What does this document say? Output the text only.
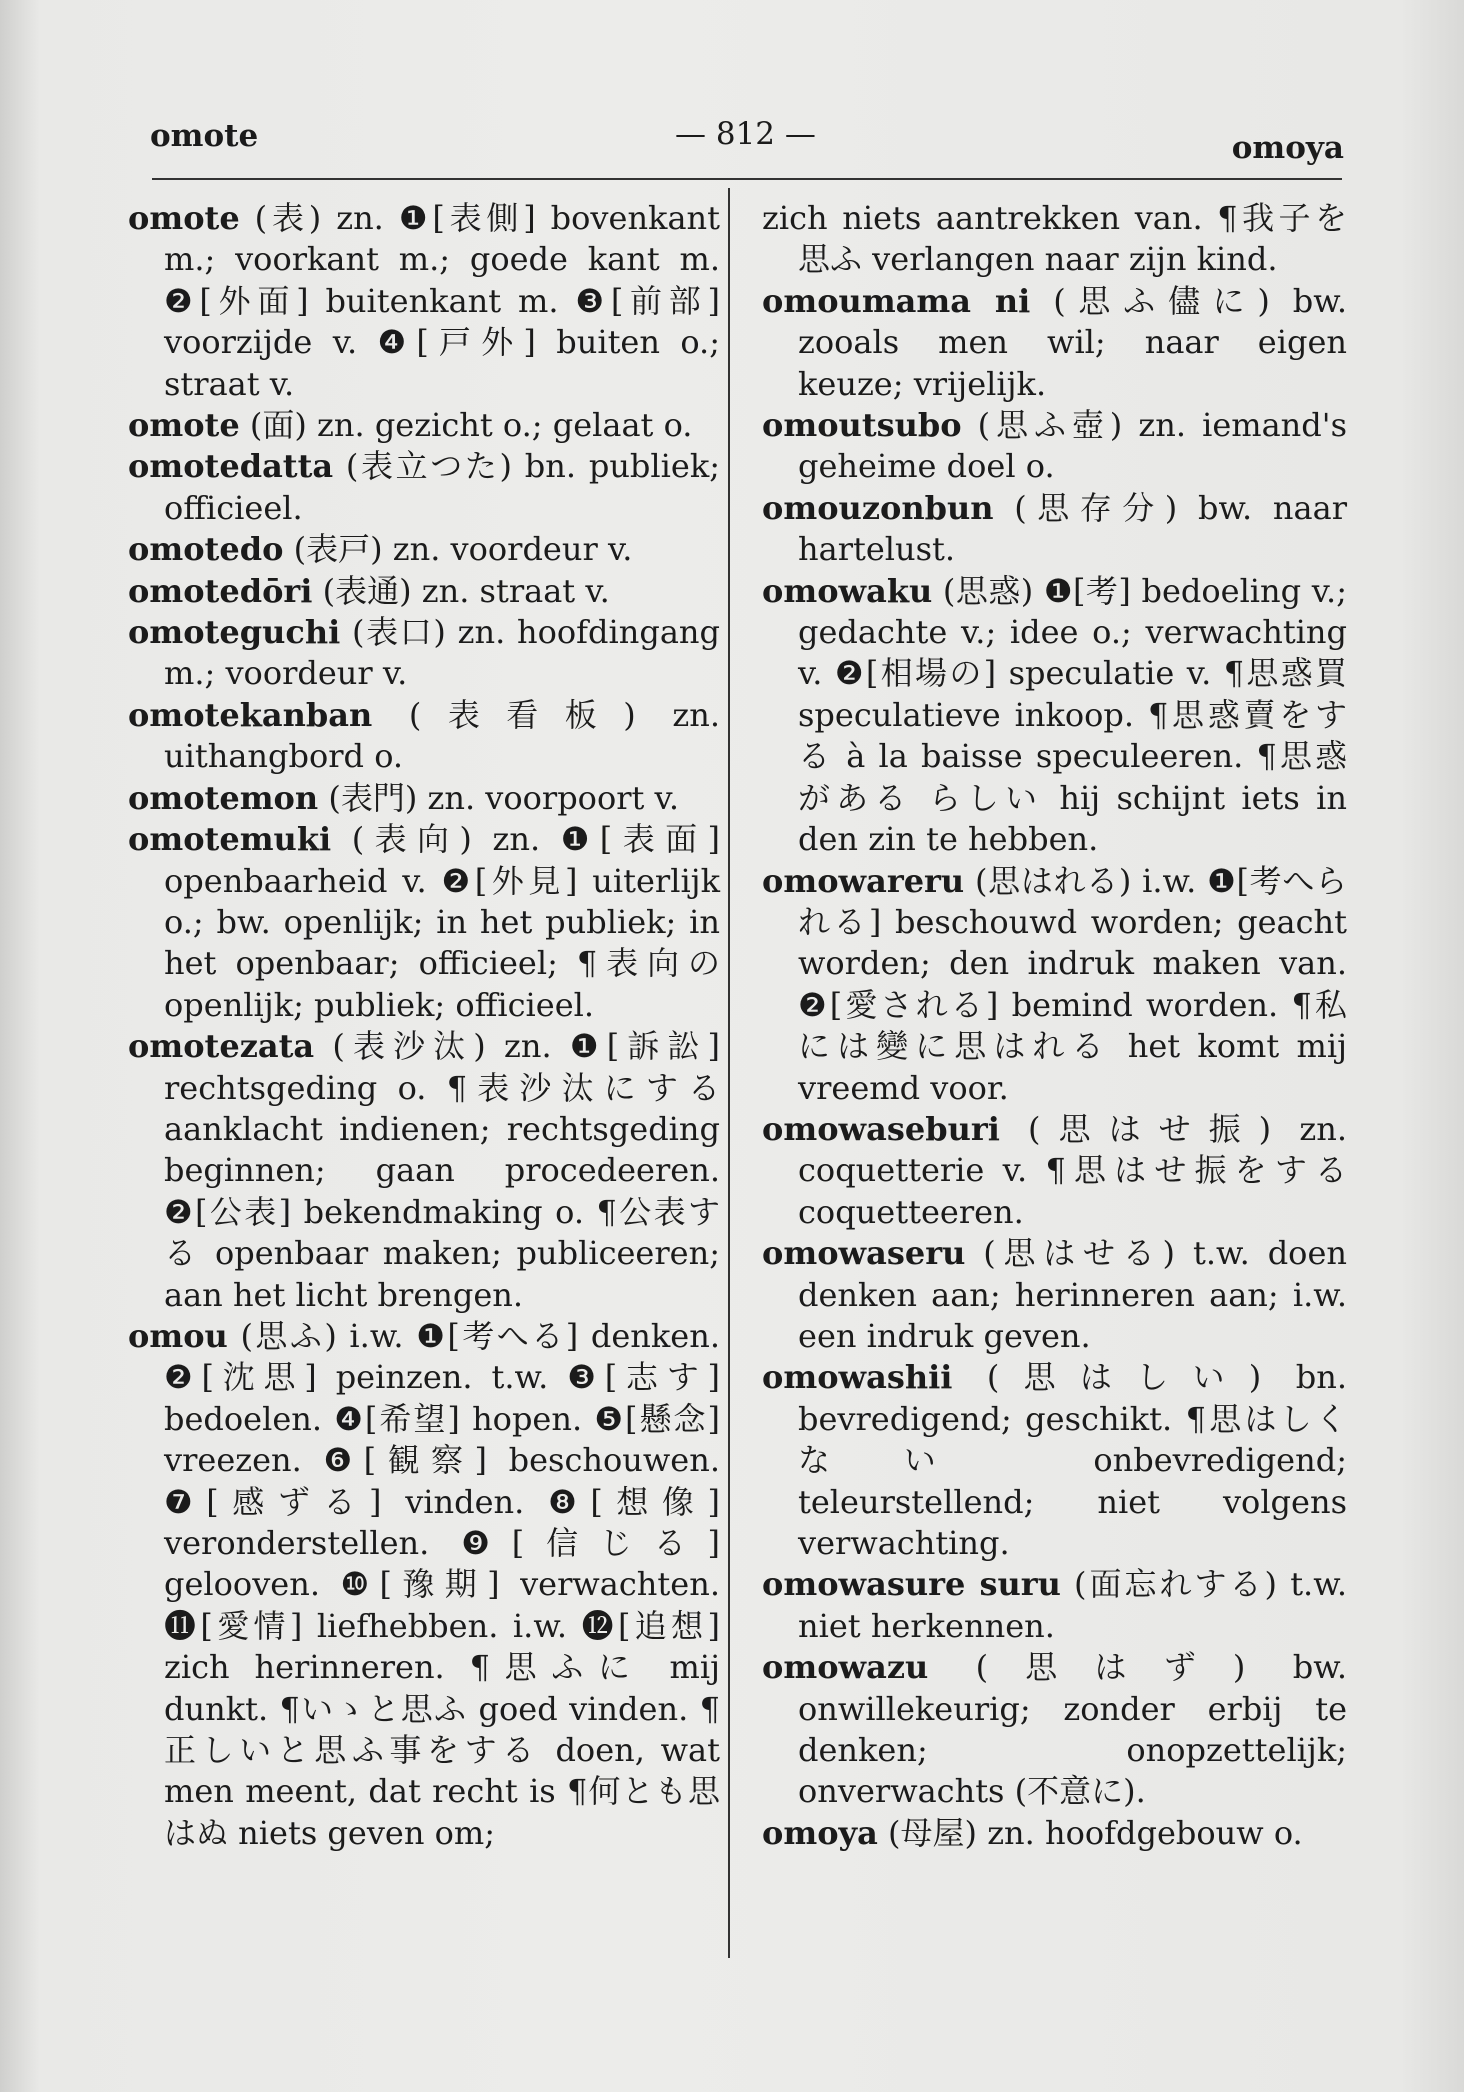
omote	— 812 —	omoya

omote (表) zn. ❶[表側] bovenkant m.; voorkant m.; goede kant m. ❷[外面] buitenkant m. ❸[前部] voorzijde v. ❹[戸外] buiten o.; straat v.

omote (面) zn. gezicht o.; gelaat o.

omotedatta (表立つた) bn. publiek; officieel.

omotedo (表戸) zn. voordeur v.

omotedōri (表通) zn. straat v.

omoteguchi (表口) zn. hoofdingang m.; voordeur v.

omotekanban (表看板) zn. uithangbord o.

omotemon (表門) zn. voorpoort v.

omotemuki (表向) zn. ❶[表面] openbaarheid v. ❷[外見] uiterlijk o.; bw. openlijk; in het publiek; in het openbaar; officieel; ¶表向の openlijk; publiek; officieel.

omotezata (表沙汰) zn. ❶[訴訟] rechtsgeding o. ¶表沙汰にする aanklacht indienen; rechtsgeding beginnen; gaan procedeeren. ❷[公表] bekendmaking o. ¶公表する openbaar maken; publiceeren; aan het licht brengen.

omou (思ふ) i.w. ❶[考へる] denken. ❷[沈思] peinzen. t.w. ❸[志す] bedoelen. ❹[希望] hopen. ❺[懸念] vreezen. ❻[観察] beschouwen. ❼[感ずる] vinden. ❽[想像] veronderstellen. ❾[信じる] gelooven. ❿[豫期] verwachten. ⓫[愛情] liefhebben. i.w. ⓬[追想] zich herinneren. ¶思ふに mij dunkt. ¶いゝと思ふ goed vinden. ¶正しいと思ふ事をする doen, wat men meent, dat recht is ¶何とも思はぬ niets geven om;

zich niets aantrekken van. ¶我子を思ふ verlangen naar zijn kind.

omoumama ni (思ふ儘に) bw. zooals men wil; naar eigen keuze; vrijelijk.

omoutsubo (思ふ壺) zn. iemand's geheime doel o.

omouzonbun (思存分) bw. naar hartelust.

omowaku (思惑) ❶[考] bedoeling v.; gedachte v.; idee o.; verwachting v. ❷[相場の] speculatie v. ¶思惑買 speculatieve inkoop. ¶思惑賣をする à la baisse speculeeren. ¶思惑がある らしい hij schijnt iets in den zin te hebben.

omowareru (思はれる) i.w. ❶[考へられる] beschouwd worden; geacht worden; den indruk maken van. ❷[愛される] bemind worden. ¶私には變に思はれる het komt mij vreemd voor.

omowaseburi (思はせ振) zn. coquetterie v. ¶思はせ振をする coquetteeren.

omowaseru (思はせる) t.w. doen denken aan; herinneren aan; i.w. een indruk geven.

omowashii (思はしい) bn. bevredigend; geschikt. ¶思はしくない onbevredigend; teleurstellend; niet volgens verwachting.

omowasure suru (面忘れする) t.w. niet herkennen.

omowazu (思はず) bw. onwillekeurig; zonder erbij te denken; onopzettelijk; onverwachts (不意に).

omoya (母屋) zn. hoofdgebouw o.
